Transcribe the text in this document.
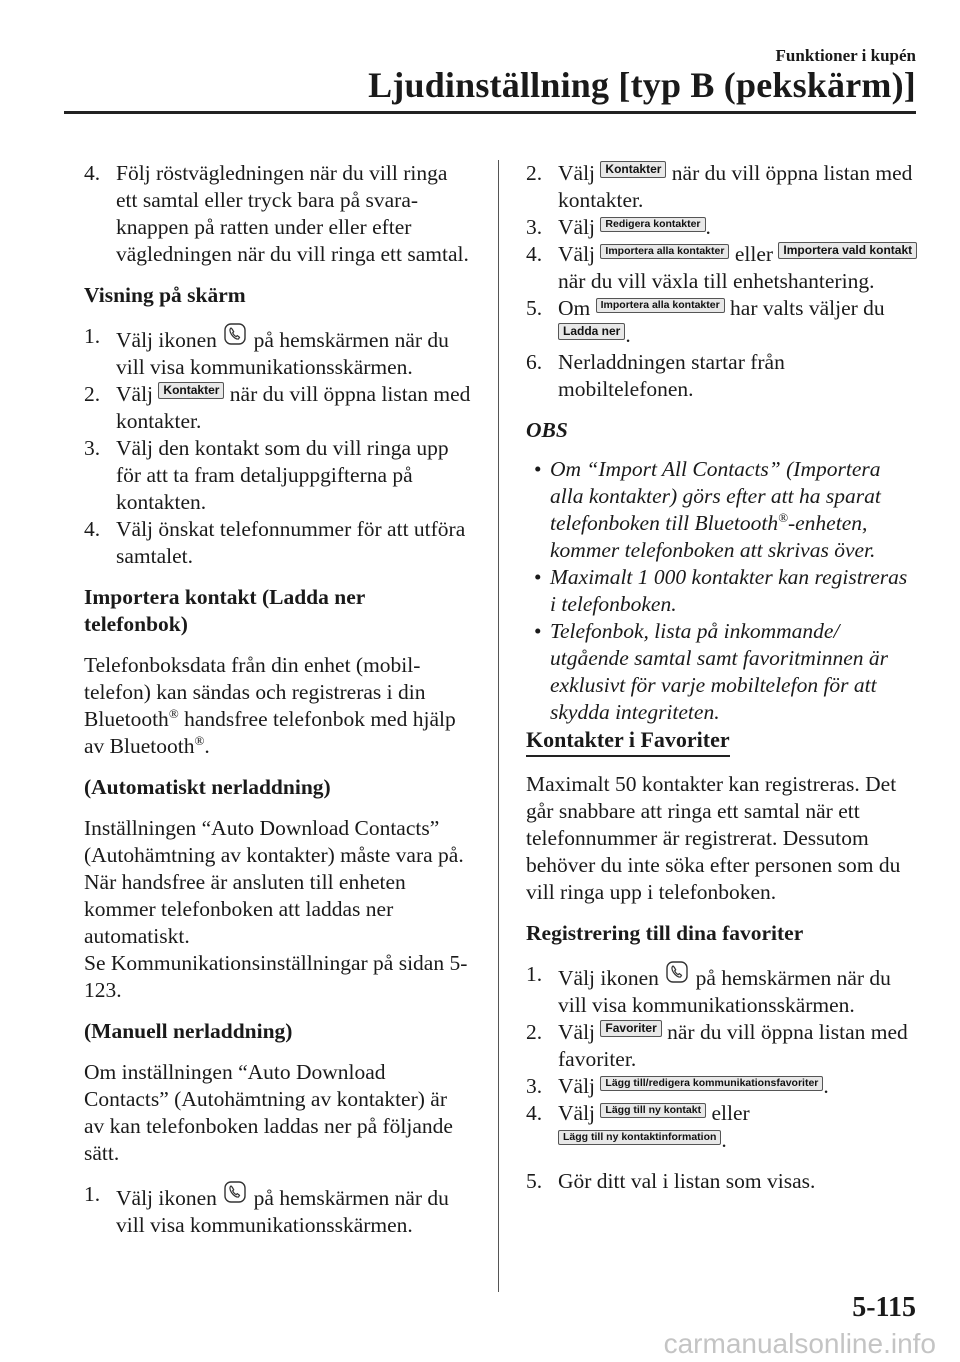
Funktioner i kupén
Ljudinställning [typ B (pekskärm)]
4. Följ röstvägledningen när du vill ringa ett samtal eller tryck bara på svara-knappen på ratten under eller efter vägledningen när du vill ringa ett samtal.
Visning på skärm
1. Välj ikonen på hemskärmen när du vill visa kommunikationsskärmen.
2. Välj Kontakter när du vill öppna listan med kontakter.
3. Välj den kontakt som du vill ringa upp för att ta fram detaljuppgifterna på kontakten.
4. Välj önskat telefonnummer för att utföra samtalet.
Importera kontakt (Ladda ner telefonbok)

Telefonboksdata från din enhet (mobil-telefon) kan sändas och registreras i din Bluetooth® handsfree telefonbok med hjälp av Bluetooth®.

(Automatiskt nerladdning)

Inställningen “Auto Download Contacts” (Autohämtning av kontakter) måste vara på. När handsfree är ansluten till enheten kommer telefonboken att laddas ner automatiskt.

Se Kommunikationsinställningar på sidan 5-123.

(Manuell nerladdning)

Om inställningen “Auto Download Contacts” (Autohämtning av kontakter) är av kan telefonboken laddas ner på följande sätt.

1. Välj ikonen på hemskärmen när du vill visa kommunikationsskärmen.
2. Välj Kontakter när du vill öppna listan med kontakter.
3. Välj Redigera kontakter .
4. Välj Importera alla kontakter eller Importera vald kontakt när du vill växla till enhetshantering.
5. Om Importera alla kontakter har valts väljer du Ladda ner .
6. Nerladdningen startar från mobiltelefonen.
OBS
• Om “Import All Contacts” (Importera alla kontakter) görs efter att ha sparat telefonboken till Bluetooth®-enheten, kommer telefonboken att skrivas över.
• Maximalt 1 000 kontakter kan registreras i telefonboken.
• Telefonbok, lista på inkommande/ utgående samtal samt favoritminnen är exklusivt för varje mobiltelefon för att skydda integriteten.
Kontakter i Favoriter

Maximalt 50 kontakter kan registreras. Det går snabbare att ringa ett samtal när ett telefonnummer är registrerat. Dessutom behöver du inte söka efter personen som du vill ringa upp i telefonboken.

Registrering till dina favoriter
1. Välj ikonen på hemskärmen när du vill visa kommunikationsskärmen.
2. Välj Favoriter när du vill öppna listan med favoriter.
3. Välj Lägg till/redigera kommunikationsfavoriter .
4. Välj Lägg till ny kontakt eller Lägg till ny kontaktinformation .
5. Gör ditt val i listan som visas.
5-115
carmanualsonline.info
